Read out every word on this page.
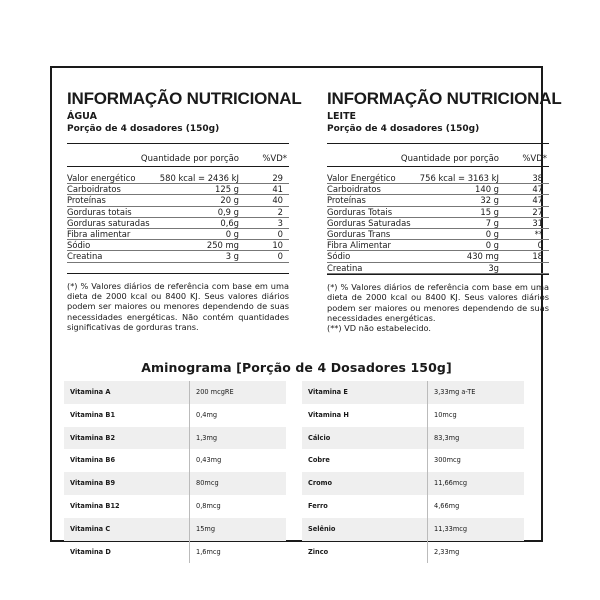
INFORMAÇÃO NUTRICIONAL
ÁGUA
Porção de 4 dosadores (150g)
Quantidade por porção	%VD*
Valor energético	580 kcal = 2436 kJ	29
Carboidratos	125 g	41
Proteínas	20 g	40
Gorduras totais	0,9 g	2
Gorduras saturadas	0,6g	3
Fibra alimentar	0 g	0
Sódio	250 mg	10
Creatina	3 g	0

(*) % Valores diários de referência com base em uma dieta de 2000 kcal ou 8400 KJ. Seus valores diários podem ser maiores ou menores dependendo de suas necessidades energéticas. Não contém quantidades significativas de gorduras trans.

INFORMAÇÃO NUTRICIONAL
LEITE
Porção de 4 dosadores (150g)
Quantidade por porção	%VD*
Valor Energético	756 kcal = 3163 kJ	38
Carboidratos	140 g	47
Proteínas	32 g	47
Gorduras Totais	15 g	27
Gorduras Saturadas	7 g	31
Gorduras Trans	0 g	**
Fibra Alimentar	0 g	0
Sódio	430 mg	18
Creatina	3g

(*) % Valores diários de referência com base em uma dieta de 2000 kcal ou 8400 KJ. Seus valores diários podem ser maiores ou menores dependendo de suas necessidades energéticas.

(**) VD não estabelecido.

Aminograma [Porção de 4 Dosadores 150g]
Vitamina A	200 mcgRE
Vitamina B1	0,4mg
Vitamina B2	1,3mg
Vitamina B6	0,43mg
Vitamina B9	80mcg
Vitamina B12	0,8mcg
Vitamina C	15mg
Vitamina D	1,6mcg
Vitamina E	3,33mg a-TE
Vitamina H	10mcg
Cálcio	83,3mg
Cobre	300mcg
Cromo	11,66mcg
Ferro	4,66mg
Selênio	11,33mcg
Zinco	2,33mg
